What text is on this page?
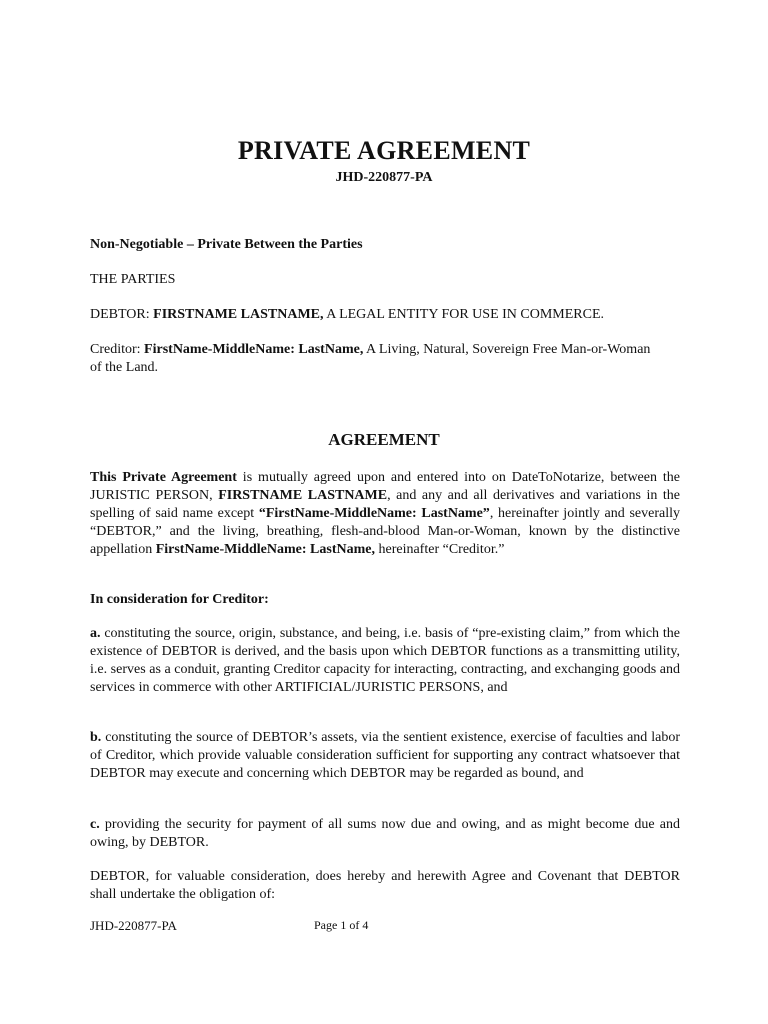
PRIVATE AGREEMENT
JHD-220877-PA
Non-Negotiable – Private Between the Parties
THE PARTIES
DEBTOR: FIRSTNAME LASTNAME, A LEGAL ENTITY FOR USE IN COMMERCE.
Creditor: FirstName-MiddleName: LastName, A Living, Natural, Sovereign Free Man-or-Woman of the Land.
AGREEMENT

This Private Agreement is mutually agreed upon and entered into on DateToNotarize, between the JURISTIC PERSON, FIRSTNAME LASTNAME, and any and all derivatives and variations in the spelling of said name except “FirstName-MiddleName: LastName”, hereinafter jointly and severally “DEBTOR,” and the living, breathing, flesh-and-blood Man-or-Woman, known by the distinctive appellation FirstName-MiddleName: LastName, hereinafter “Creditor.”

In consideration for Creditor:

a. constituting the source, origin, substance, and being, i.e. basis of “pre-existing claim,” from which the existence of DEBTOR is derived, and the basis upon which DEBTOR functions as a transmitting utility, i.e. serves as a conduit, granting Creditor capacity for interacting, contracting, and exchanging goods and services in commerce with other ARTIFICIAL/JURISTIC PERSONS, and

b. constituting the source of DEBTOR’s assets, via the sentient existence, exercise of faculties and labor of Creditor, which provide valuable consideration sufficient for supporting any contract whatsoever that DEBTOR may execute and concerning which DEBTOR may be regarded as bound, and

c. providing the security for payment of all sums now due and owing, and as might become due and owing, by DEBTOR.

DEBTOR, for valuable consideration, does hereby and herewith Agree and Covenant that DEBTOR shall undertake the obligation of:

JHD-220877-PA	Page 1 of 4
